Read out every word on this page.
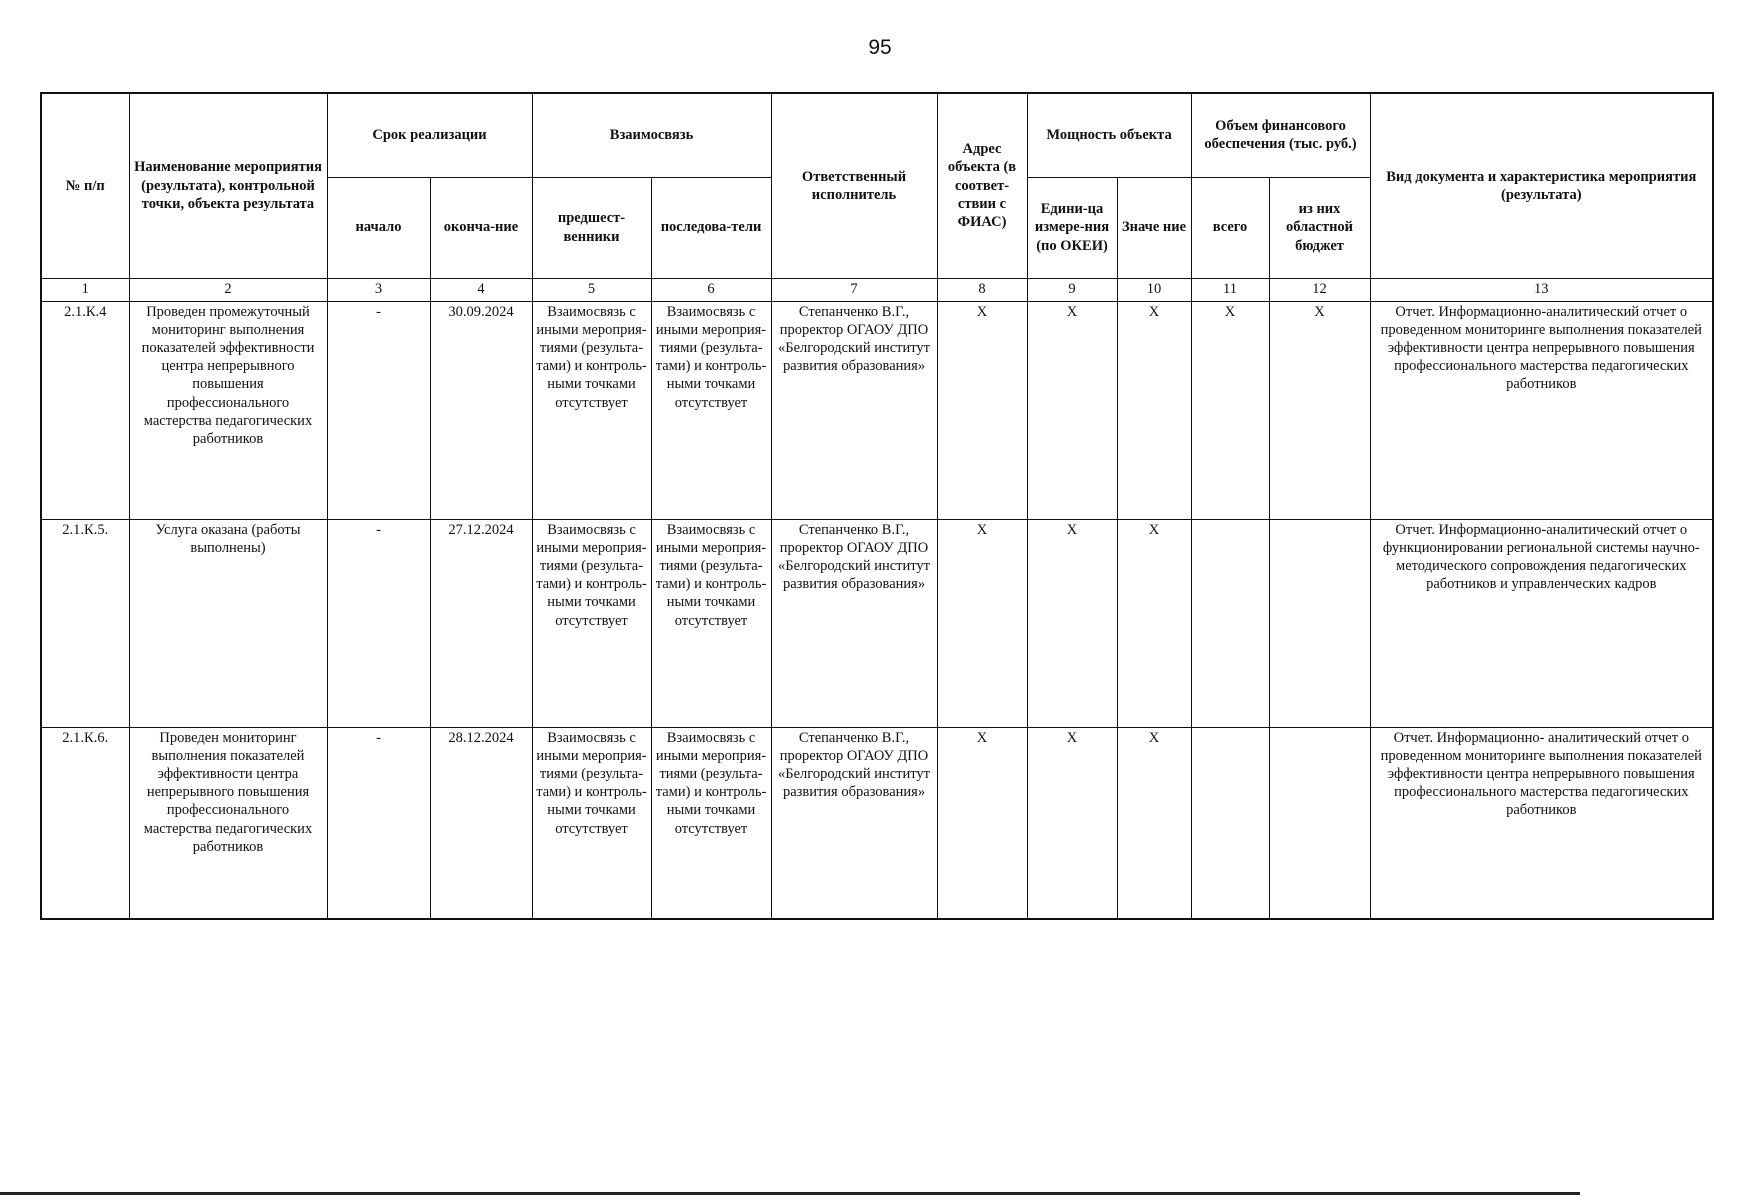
95
№ п/п	Наименование мероприятия (результата), контрольной точки, объекта результата	Срок реализации		Взаимосвязь		Ответственный исполнитель	Адрес объекта (в соответ-ствии с ФИАС)	Мощность объекта		Объем финансового обеспечения (тыс. руб.)		Вид документа и характеристика мероприятия (результата)
		начало	оконча-ние	предшест-венники	последова-тели			Едини-ца измере-ния (по ОКЕИ)	Значе ние	всего	из них областной бюджет	
1	2	3	4	5	6	7	8	9	10	11	12	13
2.1.К.4	Проведен промежуточный мониторинг выполнения показателей эффективности центра непрерывного повышения профессионального мастерства педагогических работников	-	30.09.2024	Взаимосвязь с иными мероприя-тиями (результа-тами) и контроль-ными точками отсутствует	Взаимосвязь с иными мероприя-тиями (результа-тами) и контроль-ными точками отсутствует	Степанченко В.Г., проректор ОГАОУ ДПО «Белгородский институт развития образования»	Х	Х	Х	Х	Х	Отчет. Информационно-аналитический отчет о проведенном мониторинге выполнения показателей эффективности центра непрерывного повышения профессионального мастерства педагогических работников
2.1.К.5.	Услуга оказана (работы выполнены)	-	27.12.2024	Взаимосвязь с иными мероприя-тиями (результа-тами) и контроль-ными точками отсутствует	Взаимосвязь с иными мероприя-тиями (результа-тами) и контроль-ными точками отсутствует	Степанченко В.Г., проректор ОГАОУ ДПО «Белгородский институт развития образования»	Х	Х	Х			Отчет. Информационно-аналитический отчет о функционировании региональной системы научно-методического сопровождения педагогических работников и управленческих кадров
2.1.К.6.	Проведен мониторинг выполнения показателей эффективности центра непрерывного повышения профессионального мастерства педагогических работников	-	28.12.2024	Взаимосвязь с иными мероприя-тиями (результа-тами) и контроль-ными точками отсутствует	Взаимосвязь с иными мероприя-тиями (результа-тами) и контроль-ными точками отсутствует	Степанченко В.Г., проректор ОГАОУ ДПО «Белгородский институт развития образования»	Х	Х	Х			Отчет. Информационно- аналитический отчет о проведенном мониторинге выполнения показателей эффективности центра непрерывного повышения профессионального мастерства педагогических работников
